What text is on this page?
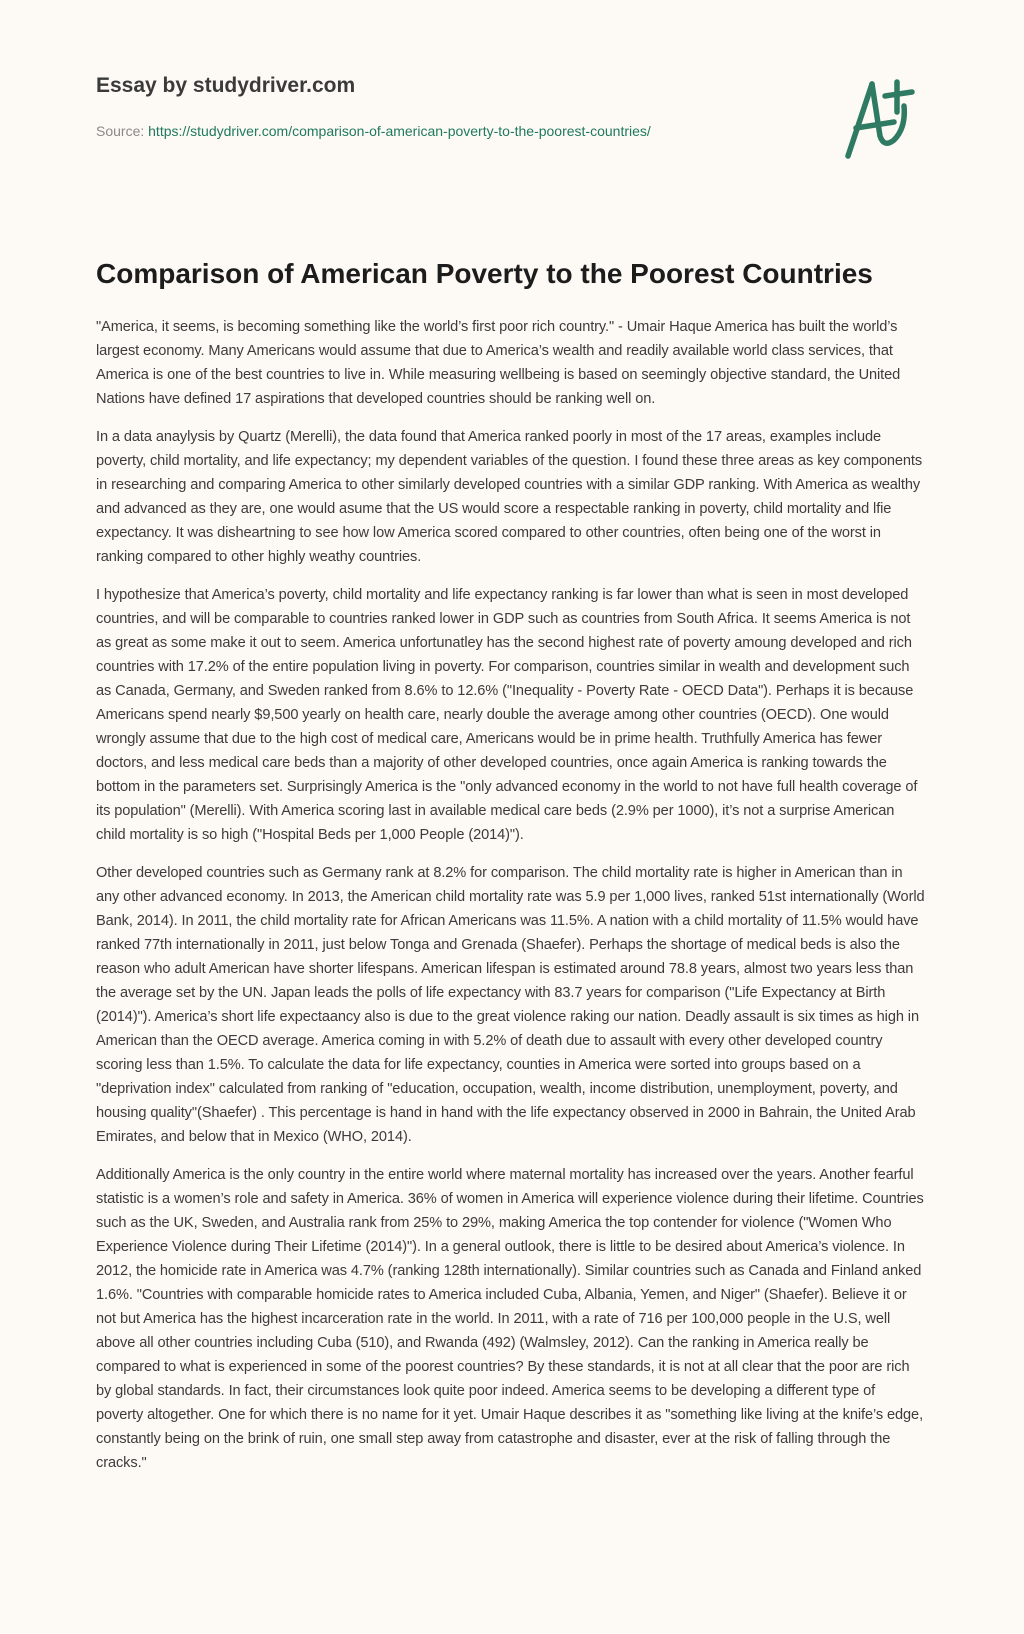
Essay by studydriver.com
Source: https://studydriver.com/comparison-of-american-poverty-to-the-poorest-countries/
Comparison of American Poverty to the Poorest Countries

"America, it seems, is becoming something like the world’s first poor rich country." - Umair Haque America has built the world’s largest economy. Many Americans would assume that due to America’s wealth and readily available world class services, that America is one of the best countries to live in. While measuring wellbeing is based on seemingly objective standard, the United Nations have defined 17 aspirations that developed countries should be ranking well on.

In a data anaylysis by Quartz (Merelli), the data found that America ranked poorly in most of the 17 areas, examples include poverty, child mortality, and life expectancy; my dependent variables of the question. I found these three areas as key components in researching and comparing America to other similarly developed countries with a similar GDP ranking. With America as wealthy and advanced as they are, one would asume that the US would score a respectable ranking in poverty, child mortality and lfie expectancy. It was disheartning to see how low America scored compared to other countries, often being one of the worst in ranking compared to other highly weathy countries.

I hypothesize that America’s poverty, child mortality and life expectancy ranking is far lower than what is seen in most developed countries, and will be comparable to countries ranked lower in GDP such as countries from South Africa. It seems America is not as great as some make it out to seem. America unfortunatley has the second highest rate of poverty amoung developed and rich countries with 17.2% of the entire population living in poverty. For comparison, countries similar in wealth and development such as Canada, Germany, and Sweden ranked from 8.6% to 12.6% ("Inequality - Poverty Rate - OECD Data"). Perhaps it is because Americans spend nearly $9,500 yearly on health care, nearly double the average among other countries (OECD). One would wrongly assume that due to the high cost of medical care, Americans would be in prime health. Truthfully America has fewer doctors, and less medical care beds than a majority of other developed countries, once again America is ranking towards the bottom in the parameters set. Surprisingly America is the "only advanced economy in the world to not have full health coverage of its population" (Merelli). With America scoring last in available medical care beds (2.9% per 1000), it’s not a surprise American child mortality is so high ("Hospital Beds per 1,000 People (2014)").

Other developed countries such as Germany rank at 8.2% for comparison. The child mortality rate is higher in American than in any other advanced economy. In 2013, the American child mortality rate was 5.9 per 1,000 lives, ranked 51st internationally (World Bank, 2014). In 2011, the child mortality rate for African Americans was 11.5%. A nation with a child mortality of 11.5% would have ranked 77th internationally in 2011, just below Tonga and Grenada (Shaefer). Perhaps the shortage of medical beds is also the reason who adult American have shorter lifespans. American lifespan is estimated around 78.8 years, almost two years less than the average set by the UN. Japan leads the polls of life expectancy with 83.7 years for comparison ("Life Expectancy at Birth (2014)"). America’s short life expectaancy also is due to the great violence raking our nation. Deadly assault is six times as high in American than the OECD average. America coming in with 5.2% of death due to assault with every other developed country scoring less than 1.5%. To calculate the data for life expectancy, counties in America were sorted into groups based on a "deprivation index" calculated from ranking of "education, occupation, wealth, income distribution, unemployment, poverty, and housing quality"(Shaefer) . This percentage is hand in hand with the life expectancy observed in 2000 in Bahrain, the United Arab Emirates, and below that in Mexico (WHO, 2014).

Additionally America is the only country in the entire world where maternal mortality has increased over the years. Another fearful statistic is a women’s role and safety in America. 36% of women in America will experience violence during their lifetime. Countries such as the UK, Sweden, and Australia rank from 25% to 29%, making America the top contender for violence ("Women Who Experience Violence during Their Lifetime (2014)"). In a general outlook, there is little to be desired about America’s violence. In 2012, the homicide rate in America was 4.7% (ranking 128th internationally). Similar countries such as Canada and Finland anked 1.6%. "Countries with comparable homicide rates to America included Cuba, Albania, Yemen, and Niger" (Shaefer). Believe it or not but America has the highest incarceration rate in the world. In 2011, with a rate of 716 per 100,000 people in the U.S, well above all other countries including Cuba (510), and Rwanda (492) (Walmsley, 2012). Can the ranking in America really be compared to what is experienced in some of the poorest countries? By these standards, it is not at all clear that the poor are rich by global standards. In fact, their circumstances look quite poor indeed. America seems to be developing a different type of poverty altogether. One for which there is no name for it yet. Umair Haque describes it as "something like living at the knife’s edge, constantly being on the brink of ruin, one small step away from catastrophe and disaster, ever at the risk of falling through the cracks."
